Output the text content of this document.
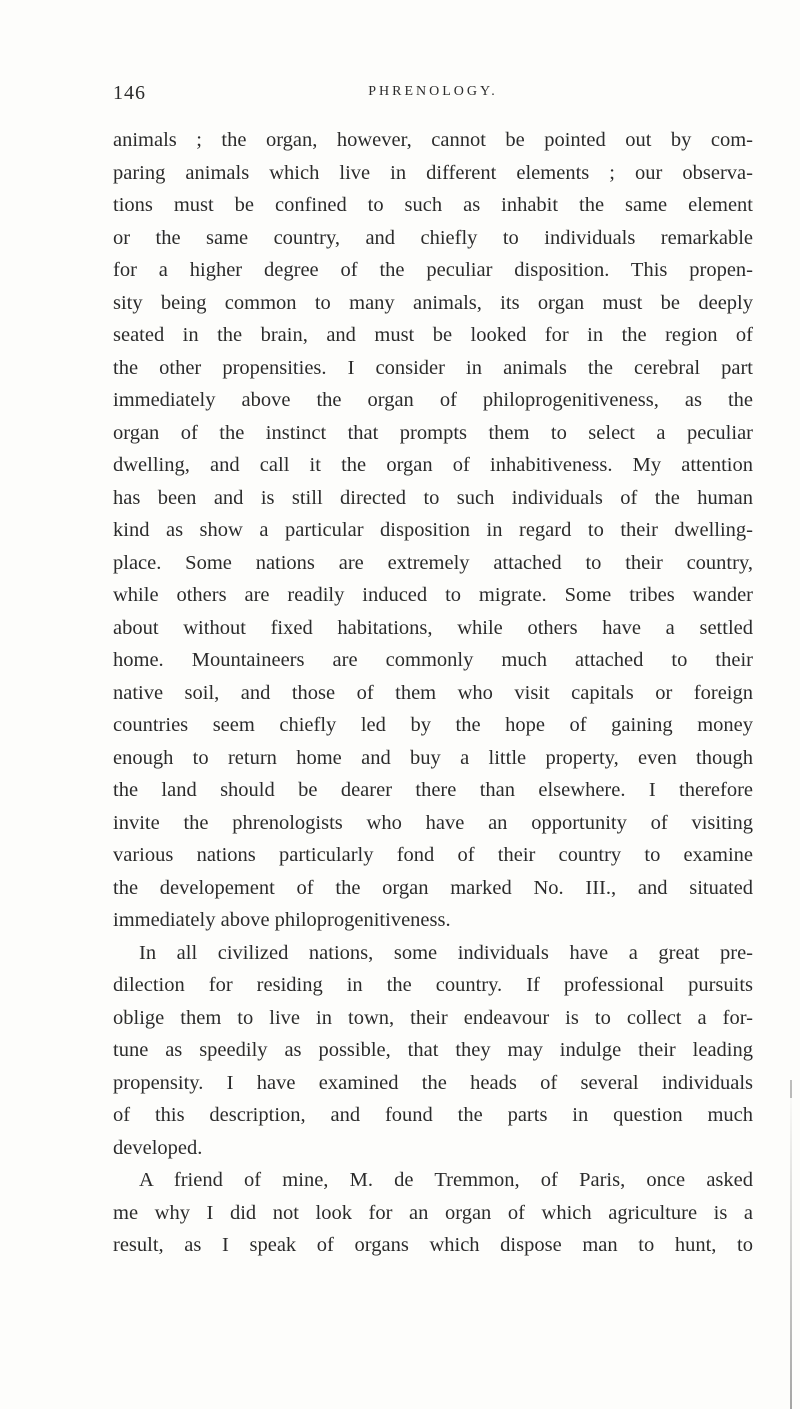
146	PHRENOLOGY.
animals ; the organ, however, cannot be pointed out by com-
paring animals which live in different elements ; our observa-
tions must be confined to such as inhabit the same element
or the same country, and chiefly to individuals remarkable
for a higher degree of the peculiar disposition. This propen-
sity being common to many animals, its organ must be deeply
seated in the brain, and must be looked for in the region of
the other propensities. I consider in animals the cerebral part
immediately above the organ of philoprogenitiveness, as the
organ of the instinct that prompts them to select a peculiar
dwelling, and call it the organ of inhabitiveness. My attention
has been and is still directed to such individuals of the human
kind as show a particular disposition in regard to their dwelling-
place. Some nations are extremely attached to their country,
while others are readily induced to migrate. Some tribes wander
about without fixed habitations, while others have a settled
home. Mountaineers are commonly much attached to their
native soil, and those of them who visit capitals or foreign
countries seem chiefly led by the hope of gaining money
enough to return home and buy a little property, even though
the land should be dearer there than elsewhere. I therefore
invite the phrenologists who have an opportunity of visiting
various nations particularly fond of their country to examine
the developement of the organ marked No. III., and situated
immediately above philoprogenitiveness.
In all civilized nations, some individuals have a great pre-
dilection for residing in the country. If professional pursuits
oblige them to live in town, their endeavour is to collect a for-
tune as speedily as possible, that they may indulge their leading
propensity. I have examined the heads of several individuals
of this description, and found the parts in question much
developed.
A friend of mine, M. de Tremmon, of Paris, once asked
me why I did not look for an organ of which agriculture is a
result, as I speak of organs which dispose man to hunt, to
